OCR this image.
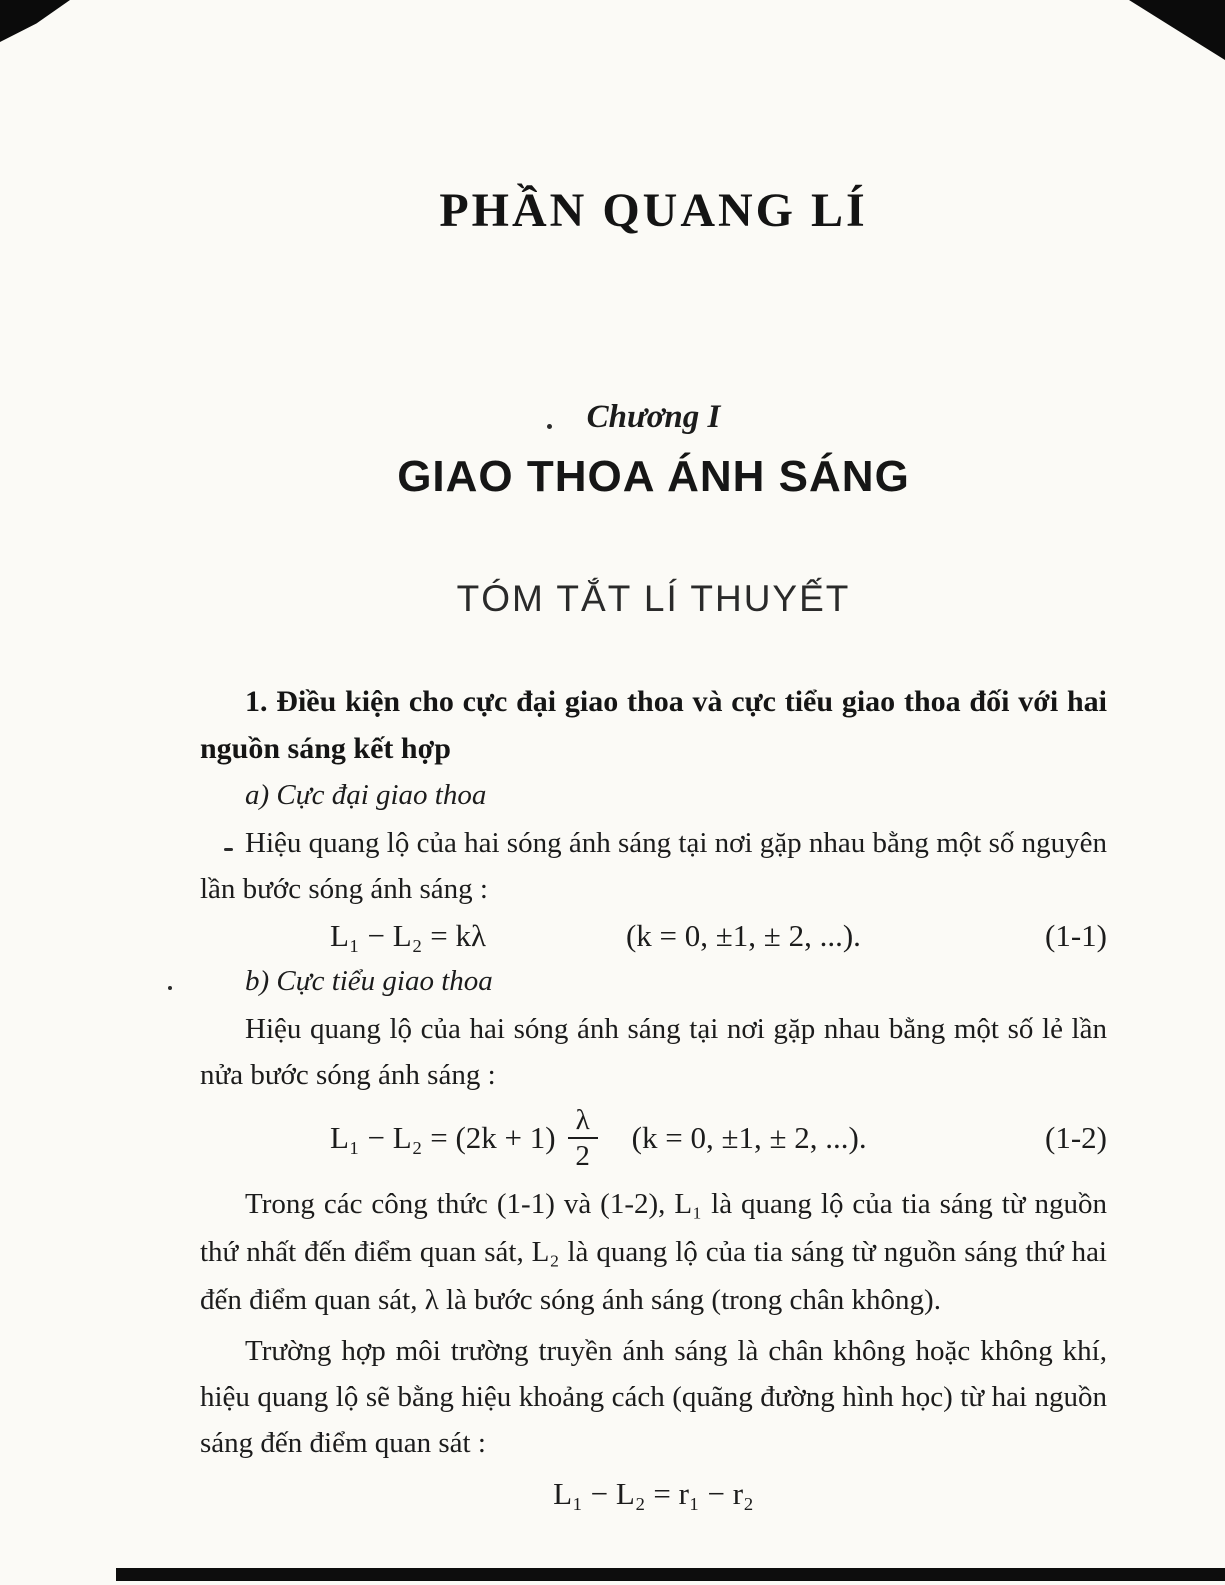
PHẦN QUANG LÍ
Chương I
GIAO THOA ÁNH SÁNG
TÓM TẮT LÍ THUYẾT

1. Điều kiện cho cực đại giao thoa và cực tiểu giao thoa đối với hai nguồn sáng kết hợp

a) Cực đại giao thoa

Hiệu quang lộ của hai sóng ánh sáng tại nơi gặp nhau bằng một số nguyên lần bước sóng ánh sáng :

L₁ − L₂ = kλ	(k = 0, ±1, ± 2, ...).	(1-1)

b) Cực tiểu giao thoa

Hiệu quang lộ của hai sóng ánh sáng tại nơi gặp nhau bằng một số lẻ lần nửa bước sóng ánh sáng :

$L_1 - L_2 = (2k + 1) \frac{\lambda}{2} (k = 0$, ±1, ± 2, ...).	(1-2)

Trong các công thức (1-1) và (1-2), L₁ là quang lộ của tia sáng từ nguồn thứ nhất đến điểm quan sát, L₂ là quang lộ của tia sáng từ nguồn sáng thứ hai đến điểm quan sát, λ là bước sóng ánh sáng (trong chân không).

Trường hợp môi trường truyền ánh sáng là chân không hoặc không khí, hiệu quang lộ sẽ bằng hiệu khoảng cách (quãng đường hình học) từ hai nguồn sáng đến điểm quan sát :

L₁ − L₂ = r₁ − r₂
